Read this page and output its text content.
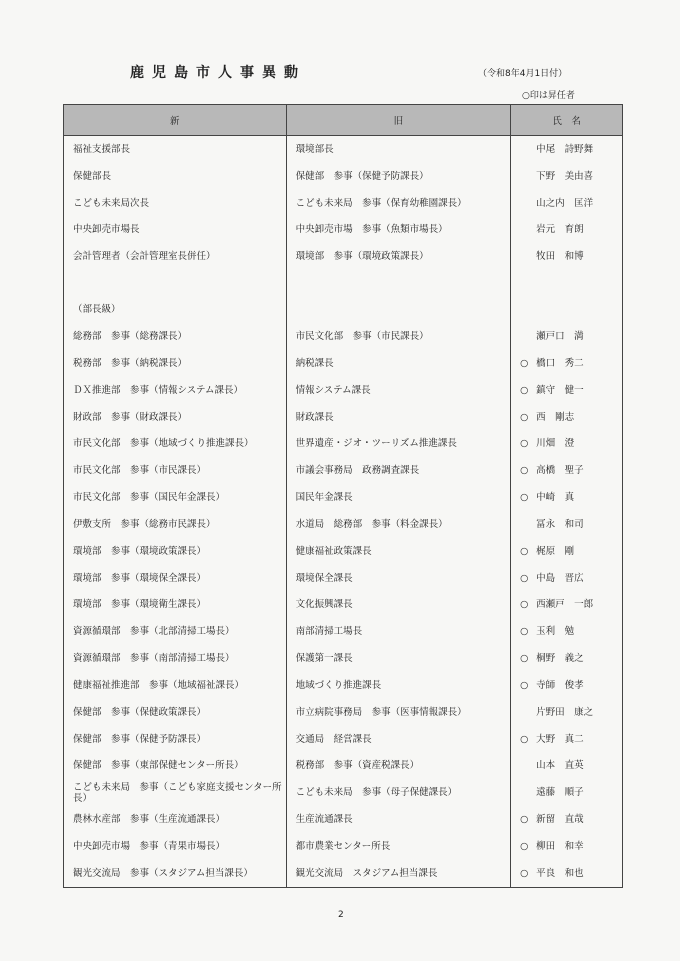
鹿児島市人事異動	（令和8年4月1日付）
○印は昇任者
新	旧	氏　名
福祉支援部長	環境部長	中尾　詩野舞
保健部長	保健部　参事（保健予防課長）	下野　美由喜
こども未来局次長	こども未来局　参事（保育幼稚園課長）	山之内　匡洋
中央卸売市場長	中央卸売市場　参事（魚類市場長）	岩元　育朗
会計管理者（会計管理室長併任）	環境部　参事（環境政策課長）	牧田　和博

（部長級）		
総務部　参事（総務課長）	市民文化部　参事（市民課長）	瀬戸口　満
税務部　参事（納税課長）	納税課長	○ 橋口　秀二
ＤＸ推進部　参事（情報システム課長）	情報システム課長	○ 鎮守　健一
財政部　参事（財政課長）	財政課長	○ 西　剛志
市民文化部　参事（地域づくり推進課長）	世界遺産・ジオ・ツーリズム推進課長	○ 川畑　澄
市民文化部　参事（市民課長）	市議会事務局　政務調査課長	○ 高橋　聖子
市民文化部　参事（国民年金課長）	国民年金課長	○ 中崎　真
伊敷支所　参事（総務市民課長）	水道局　総務部　参事（料金課長）	冨永　和司
環境部　参事（環境政策課長）	健康福祉政策課長	○ 梶原　剛
環境部　参事（環境保全課長）	環境保全課長	○ 中島　晋広
環境部　参事（環境衛生課長）	文化振興課長	○ 西瀬戸　一郎
資源循環部　参事（北部清掃工場長）	南部清掃工場長	○ 玉利　勉
資源循環部　参事（南部清掃工場長）	保護第一課長	○ 桐野　義之
健康福祉推進部　参事（地域福祉課長）	地域づくり推進課長	○ 寺師　俊孝
保健部　参事（保健政策課長）	市立病院事務局　参事（医事情報課長）	片野田　康之
保健部　参事（保健予防課長）	交通局　経営課長	○ 大野　真二
保健部　参事（東部保健センター所長）	税務部　参事（資産税課長）	山本　直英
こども未来局　参事（こども家庭支援センター所長）	こども未来局　参事（母子保健課長）	遠藤　順子
農林水産部　参事（生産流通課長）	生産流通課長	○ 新留　直哉
中央卸売市場　参事（青果市場長）	都市農業センター所長	○ 柳田　和幸
観光交流局　参事（スタジアム担当課長）	観光交流局　スタジアム担当課長	○ 平良　和也
2
